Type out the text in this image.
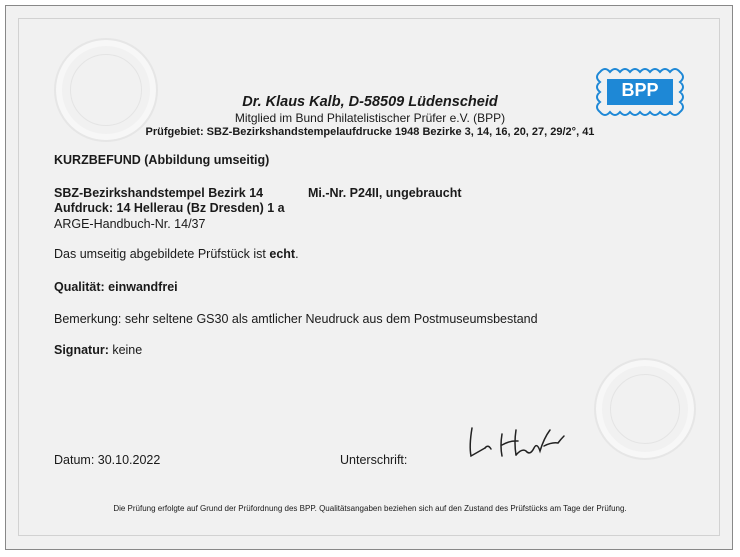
BPP
Dr. Klaus Kalb, D-58509 Lüdenscheid
Mitglied im Bund Philatelistischer Prüfer e.V. (BPP)
Prüfgebiet: SBZ-Bezirkshandstempelaufdrucke 1948 Bezirke 3, 14, 16, 20, 27, 29/2°, 41
KURZBEFUND (Abbildung umseitig)
SBZ-Bezirkshandstempel Bezirk 14	Mi.-Nr. P24II, ungebraucht
Aufdruck: 14 Hellerau (Bz Dresden) 1 a
ARGE-Handbuch-Nr. 14/37
Das umseitig abgebildete Prüfstück ist echt.
Qualität: einwandfrei
Bemerkung: sehr seltene GS30 als amtlicher Neudruck aus dem Postmuseumsbestand
Signatur: keine
Datum: 30.10.2022	Unterschrift:
Die Prüfung erfolgte auf Grund der Prüfordnung des BPP. Qualitätsangaben beziehen sich auf den Zustand des Prüfstücks am Tage der Prüfung.
